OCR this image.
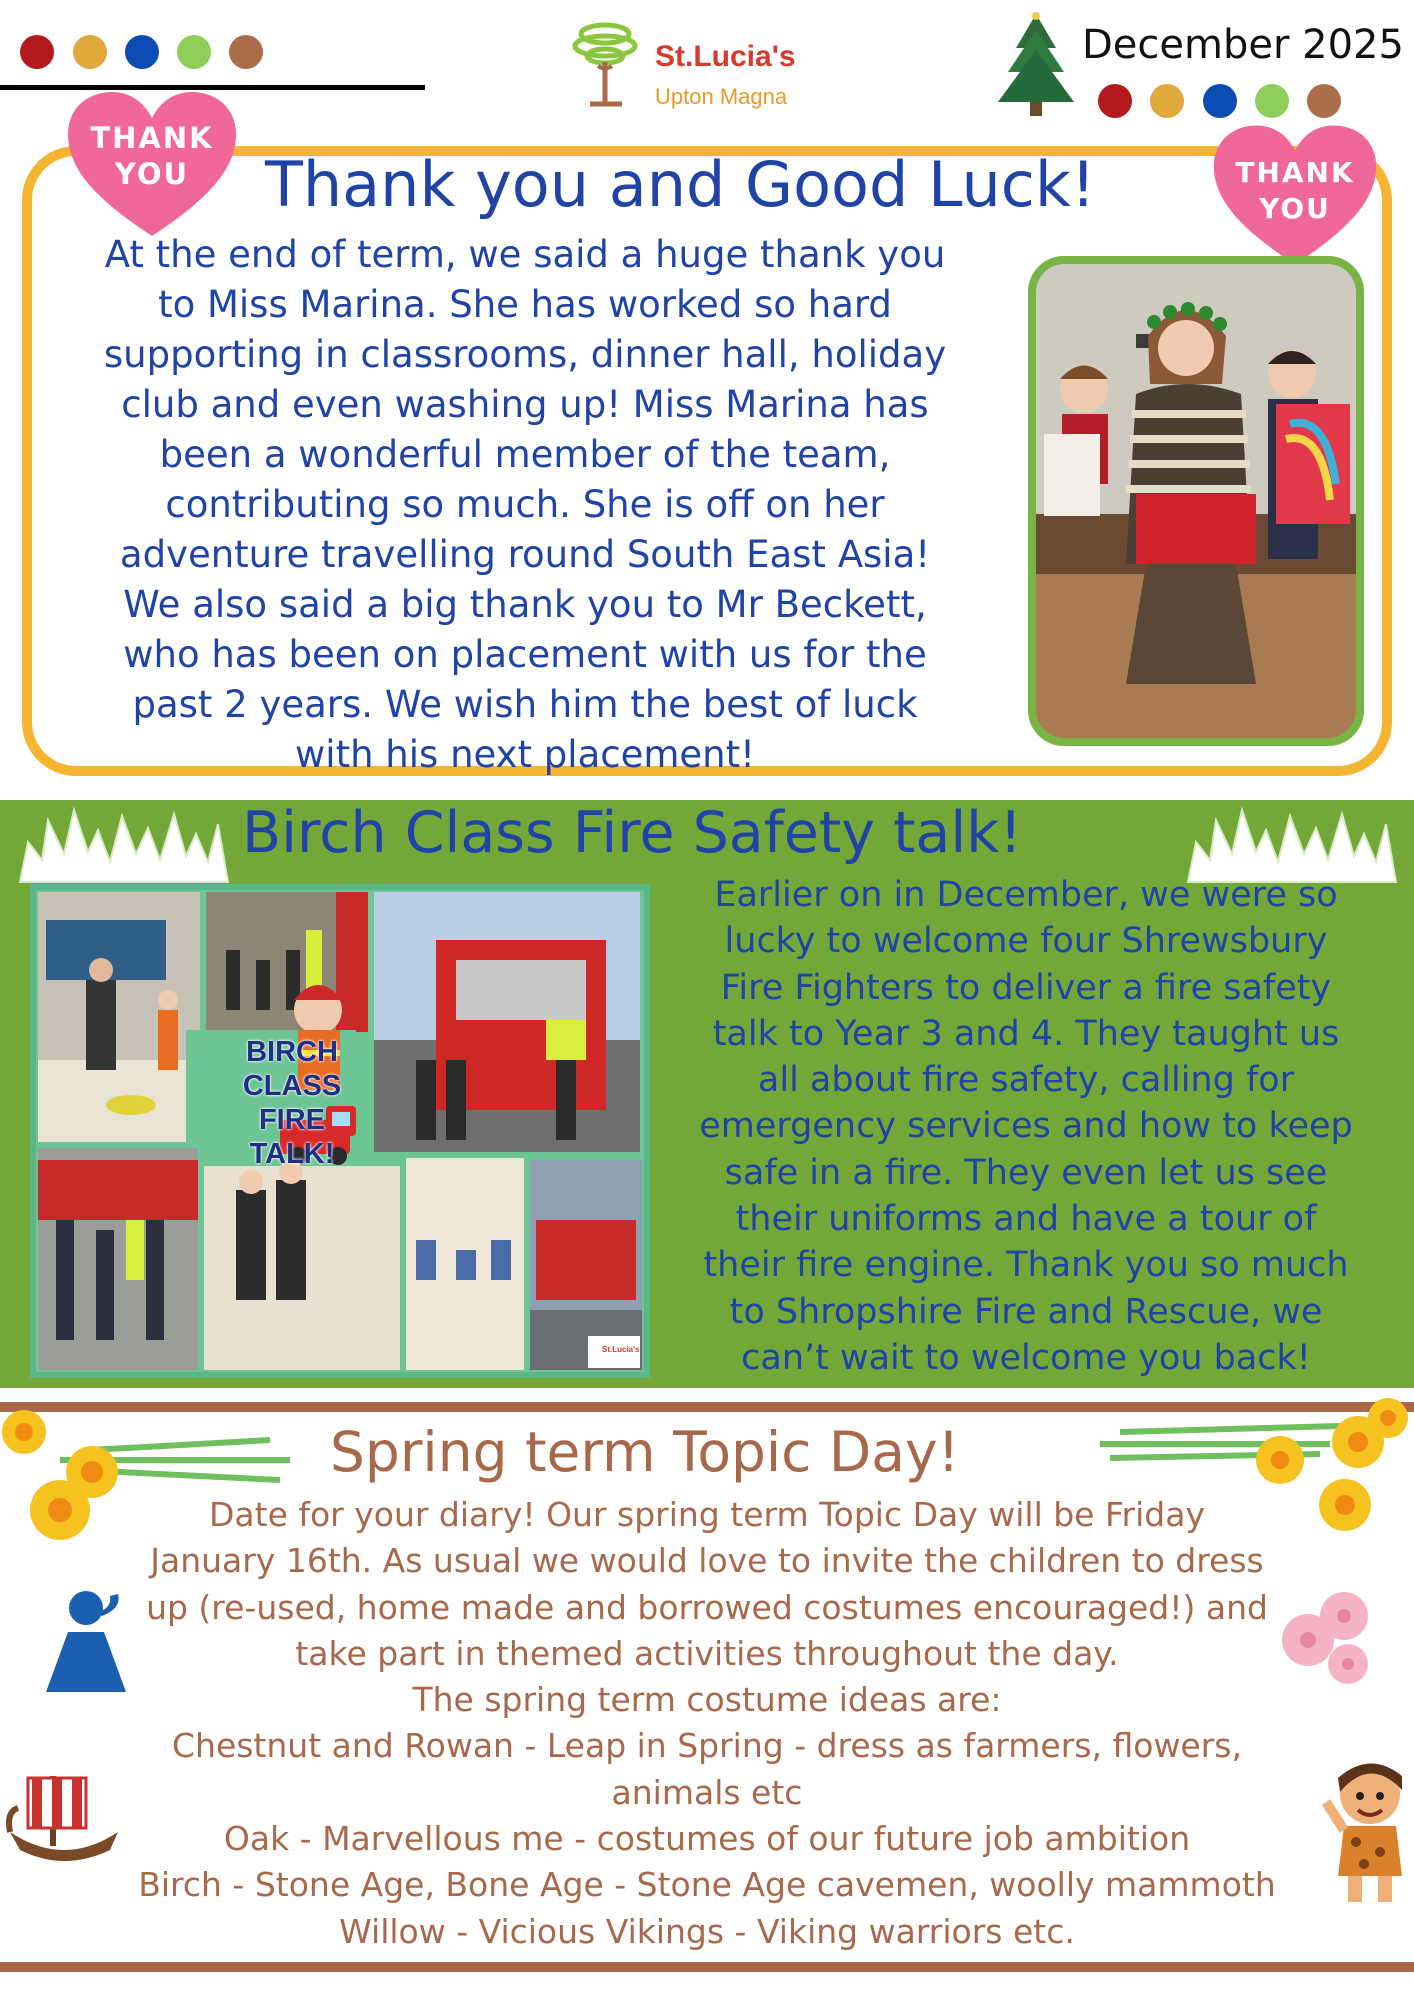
St.Lucia's
Upton Magna
December 2025
THANK
YOU	THANK
YOU
Thank you and Good Luck!
At the end of term, we said a huge thank you
to Miss Marina. She has worked so hard
supporting in classrooms, dinner hall, holiday
club and even washing up! Miss Marina has
been a wonderful member of the team,
contributing so much. She is off on her
adventure travelling round South East Asia!
We also said a big thank you to Mr Beckett,
who has been on placement with us for the
past 2 years. We wish him the best of luck
with his next placement!
Birch Class Fire Safety talk!
St.Lucia's
BIRCH
CLASS FIRE
TALK!
Earlier on in December, we were so
lucky to welcome four Shrewsbury
Fire Fighters to deliver a fire safety
talk to Year 3 and 4. They taught us
all about fire safety, calling for
emergency services and how to keep
safe in a fire. They even let us see
their uniforms and have a tour of
their fire engine. Thank you so much
to Shropshire Fire and Rescue, we
can’t wait to welcome you back!
Spring term Topic Day!
Date for your diary! Our spring term Topic Day will be Friday
January 16th. As usual we would love to invite the children to dress
up (re-used, home made and borrowed costumes encouraged!) and
take part in themed activities throughout the day.
The spring term costume ideas are:
Chestnut and Rowan - Leap in Spring - dress as farmers, flowers,
animals etc
Oak - Marvellous me - costumes of our future job ambition
Birch - Stone Age, Bone Age - Stone Age cavemen, woolly mammoth
Willow - Vicious Vikings - Viking warriors etc.
